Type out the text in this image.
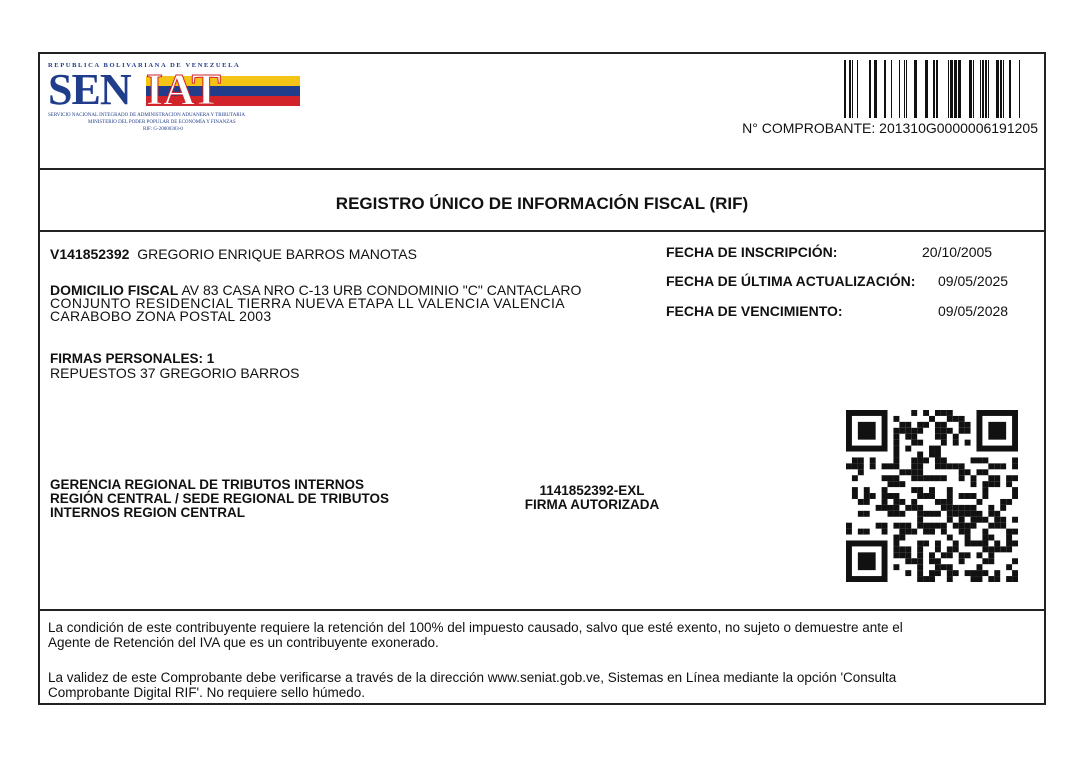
REPUBLICA BOLIVARIANA DE VENEZUELA
SEN IAT
SERVICIO NACIONAL INTEGRADO DE ADMINISTRACION ADUANERA Y TRIBUTARIA
MINISTERIO DEL PODER POPULAR DE ECONOMÍA Y FINANZAS
RIF: G-20000303-0	N° COMPROBANTE: 201310G0000006191205
REGISTRO ÚNICO DE INFORMACIÓN FISCAL (RIF)
V141852392 GREGORIO ENRIQUE BARROS MANOTAS
DOMICILIO FISCAL AV 83 CASA NRO C-13 URB CONDOMINIO "C" CANTACLARO
CONJUNTO RESIDENCIAL TIERRA NUEVA ETAPA LL VALENCIA VALENCIA
CARABOBO ZONA POSTAL 2003
FIRMAS PERSONALES: 1
REPUESTOS 37 GREGORIO BARROS
FECHA DE INSCRIPCIÓN:	20/10/2005
FECHA DE ÚLTIMA ACTUALIZACIÓN: 09/05/2025
FECHA DE VENCIMIENTO:	09/05/2028
GERENCIA REGIONAL DE TRIBUTOS INTERNOS
REGIÓN CENTRAL / SEDE REGIONAL DE TRIBUTOS
INTERNOS REGION CENTRAL
1141852392-EXL
FIRMA AUTORIZADA
La condición de este contribuyente requiere la retención del 100% del impuesto causado, salvo que esté exento, no sujeto o demuestre ante el
Agente de Retención del IVA que es un contribuyente exonerado.
La validez de este Comprobante debe verificarse a través de la dirección www.seniat.gob.ve, Sistemas en Línea mediante la opción 'Consulta
Comprobante Digital RIF'. No requiere sello húmedo.
